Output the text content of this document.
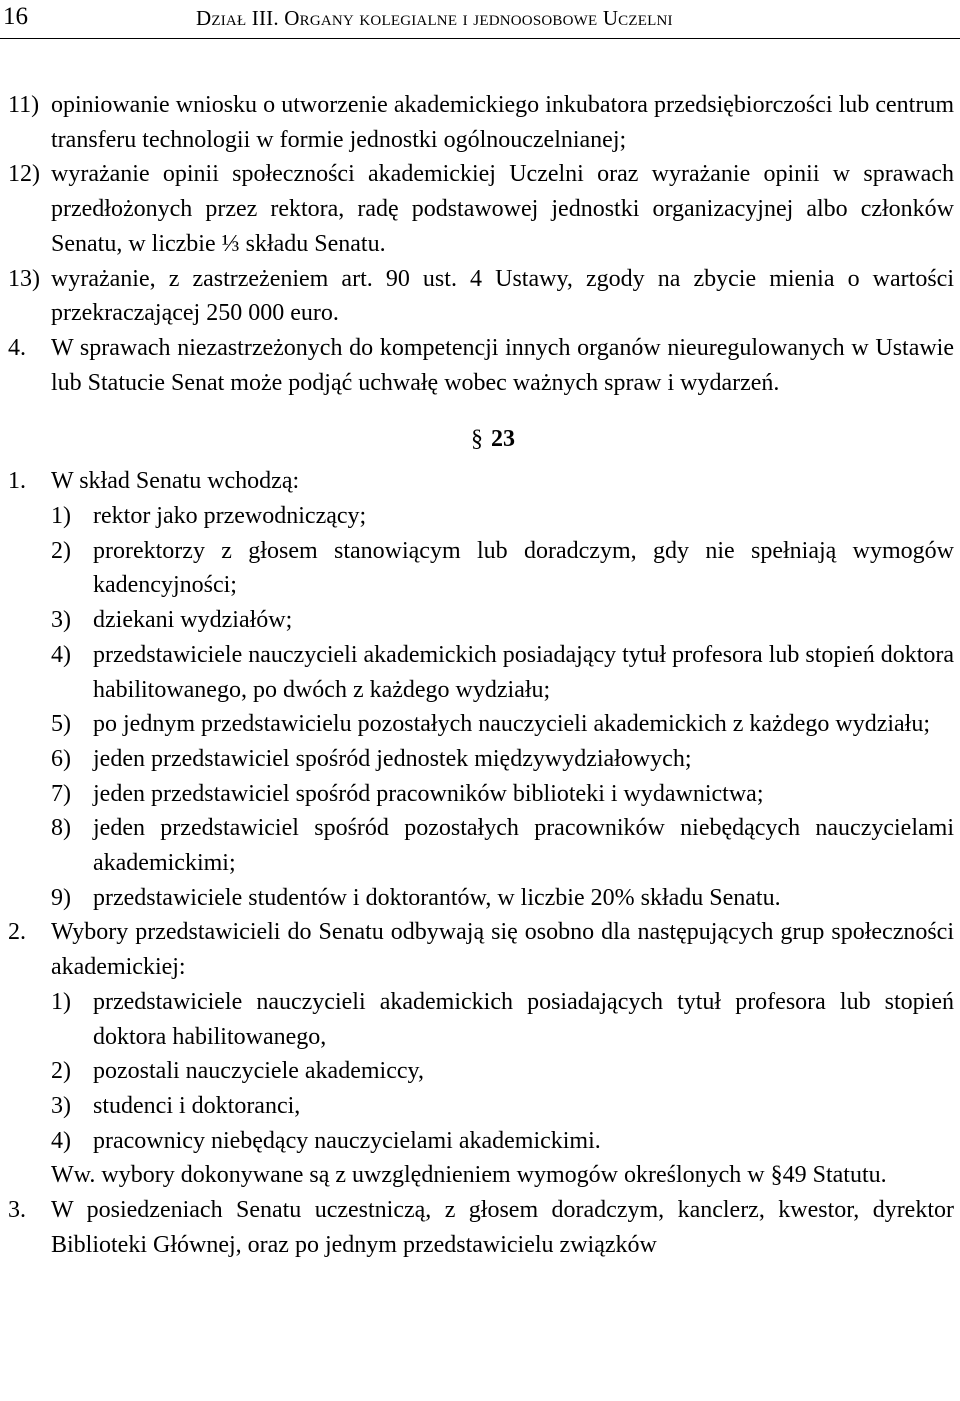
16	Dział III. Organy kolegialne i jednoosobowe Uczelni
11) opiniowanie wniosku o utworzenie akademickiego inkubatora przedsiębiorczości lub centrum transferu technologii w formie jednostki ogólnouczelnianej;
12) wyrażanie opinii społeczności akademickiej Uczelni oraz wyrażanie opinii w sprawach przedłożonych przez rektora, radę podstawowej jednostki organizacyjnej albo członków Senatu, w liczbie ⅓ składu Senatu.
13) wyrażanie, z zastrzeżeniem art. 90 ust. 4 Ustawy, zgody na zbycie mienia o wartości przekraczającej 250 000 euro.
4. W sprawach niezastrzeżonych do kompetencji innych organów nieuregulowanych w Ustawie lub Statucie Senat może podjąć uchwałę wobec ważnych spraw i wydarzeń.
§ 23
1. W skład Senatu wchodzą:
1) rektor jako przewodniczący;
2) prorektorzy z głosem stanowiącym lub doradczym, gdy nie spełniają wymogów kadencyjności;
3) dziekani wydziałów;
4) przedstawiciele nauczycieli akademickich posiadający tytuł profesora lub stopień doktora habilitowanego, po dwóch z każdego wydziału;
5) po jednym przedstawicielu pozostałych nauczycieli akademickich z każdego wydziału;
6) jeden przedstawiciel spośród jednostek międzywydziałowych;
7) jeden przedstawiciel spośród pracowników biblioteki i wydawnictwa;
8) jeden przedstawiciel spośród pozostałych pracowników niebędących nauczycielami akademickimi;
9) przedstawiciele studentów i doktorantów, w liczbie 20% składu Senatu.
2. Wybory przedstawicieli do Senatu odbywają się osobno dla następujących grup społeczności akademickiej:
1) przedstawiciele nauczycieli akademickich posiadających tytuł profesora lub stopień doktora habilitowanego,
2) pozostali nauczyciele akademiccy,
3) studenci i doktoranci,
4) pracownicy niebędący nauczycielami akademickimi.
Ww. wybory dokonywane są z uwzględnieniem wymogów określonych w §49 Statutu.
3. W posiedzeniach Senatu uczestniczą, z głosem doradczym, kanclerz, kwestor, dyrektor Biblioteki Głównej, oraz po jednym przedstawicielu związków
